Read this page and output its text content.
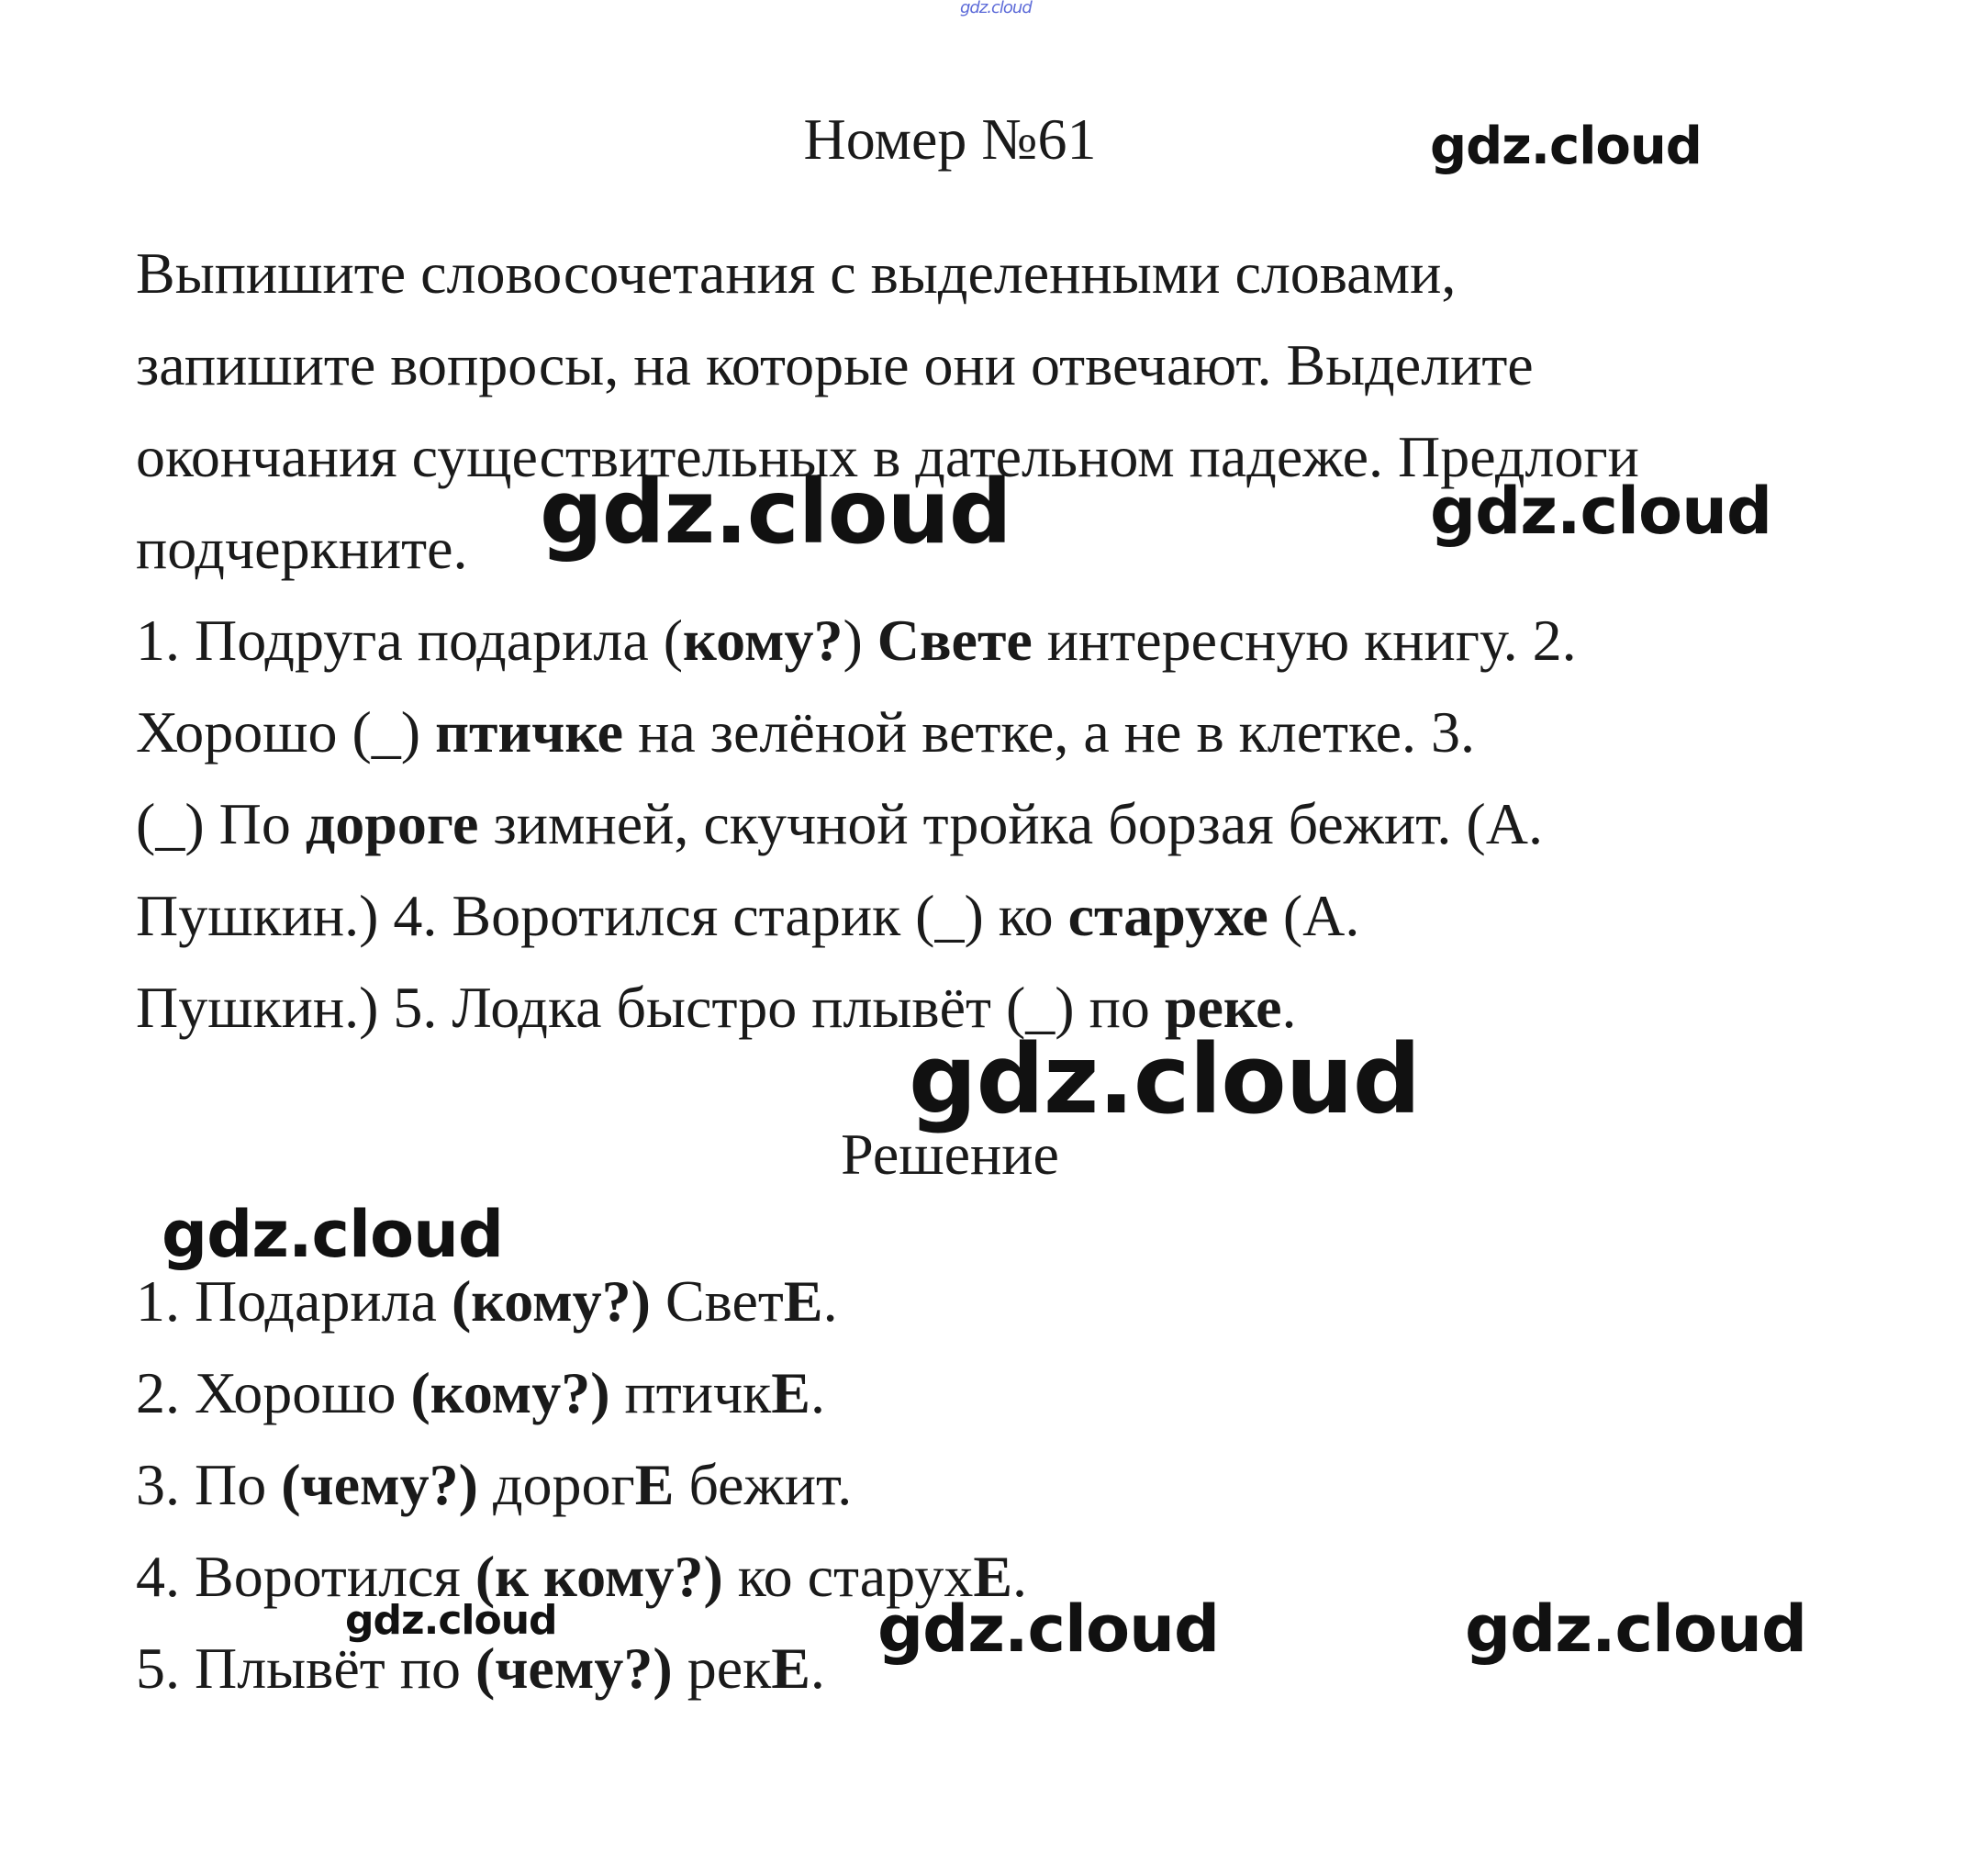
Номер №61
Выпишите словосочетания с выделенными словами,
запишите вопросы, на которые они отвечают. Выделите
окончания существительных в дательном падеже. Предлоги
подчеркните.
1. Подруга подарила (кому?) Свете интересную книгу. 2.
Хорошо (_) птичке на зелёной ветке, а не в клетке. 3.
(_) По дороге зимней, скучной тройка борзая бежит. (А.
Пушкин.) 4. Воротился старик (_) ко старухе (А.
Пушкин.) 5. Лодка быстро плывёт (_) по реке.
Решение
1. Подарила (кому?) СветЕ.
2. Хорошо (кому?) птичкЕ.
3. По (чему?) дорогЕ бежит.
4. Воротился (к кому?) ко старухЕ.
5. Плывёт по (чему?) рекЕ.
gdz.cloud
gdz.cloud
gdz.cloud	gdz.cloud
gdz.cloud
gdz.cloud
gdz.cloud	gdz.cloud	gdz.cloud
